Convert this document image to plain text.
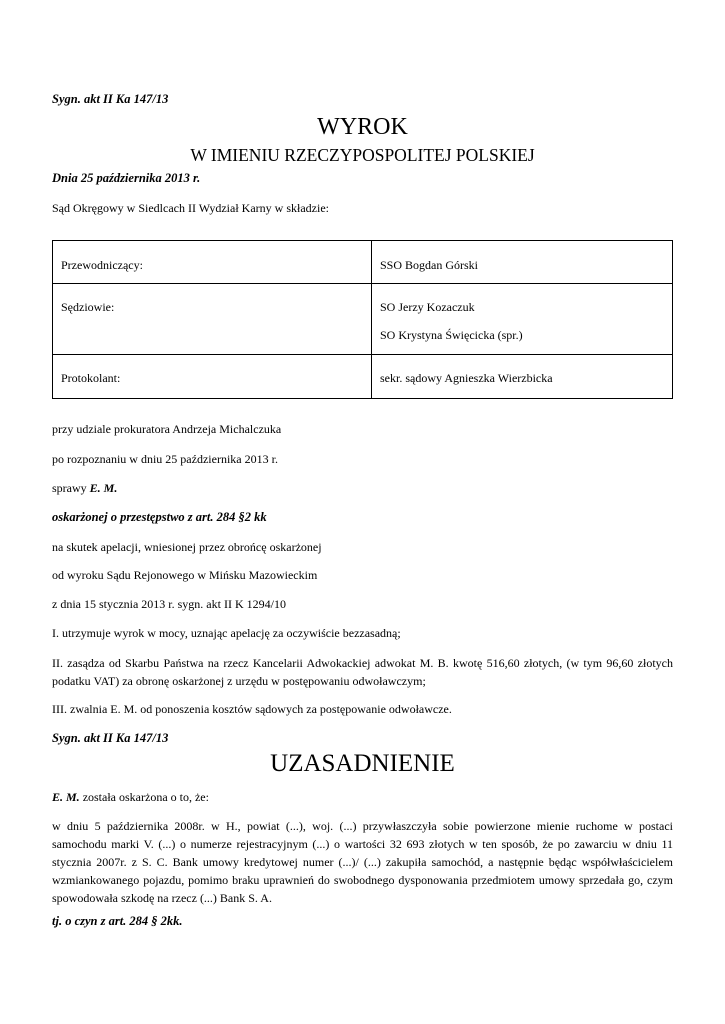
Sygn. akt II Ka 147/13
WYROK
W IMIENIU RZECZYPOSPOLITEJ POLSKIEJ
Dnia 25 października 2013 r.
Sąd Okręgowy w Siedlcach II Wydział Karny w składzie:
Przewodniczący:	SSO Bogdan Górski

Sędziowie:	SO Jerzy Kozaczuk
SO Krystyna Święcicka (spr.)

Protokolant:	sekr. sądowy Agnieszka Wierzbicka
przy udziale prokuratora Andrzeja Michalczuka
po rozpoznaniu w dniu 25 października 2013 r.
sprawy E. M.
oskarżonej o przestępstwo z art. 284 §2 kk
na skutek apelacji, wniesionej przez obrońcę oskarżonej
od wyroku Sądu Rejonowego w Mińsku Mazowieckim
z dnia 15 stycznia 2013 r. sygn. akt II K 1294/10
I. utrzymuje wyrok w mocy, uznając apelację za oczywiście bezzasadną;
II. zasądza od Skarbu Państwa na rzecz Kancelarii Adwokackiej adwokat M. B. kwotę 516,60 złotych, (w tym 96,60 złotych podatku VAT) za obronę oskarżonej z urzędu w postępowaniu odwoławczym;
III. zwalnia E. M. od ponoszenia kosztów sądowych za postępowanie odwoławcze.
Sygn. akt II Ka 147/13
UZASADNIENIE
E. M. została oskarżona o to, że:
w dniu 5 października 2008r. w H., powiat (...), woj. (...) przywłaszczyła sobie powierzone mienie ruchome w postaci samochodu marki V. (...) o numerze rejestracyjnym (...) o wartości 32 693 złotych w ten sposób, że po zawarciu w dniu 11 stycznia 2007r. z S. C. Bank umowy kredytowej numer (...)/ (...) zakupiła samochód, a następnie będąc współwłaścicielem wzmiankowanego pojazdu, pomimo braku uprawnień do swobodnego dysponowania przedmiotem umowy sprzedała go, czym spowodowała szkodę na rzecz (...) Bank S. A.
tj. o czyn z art. 284 § 2kk.
